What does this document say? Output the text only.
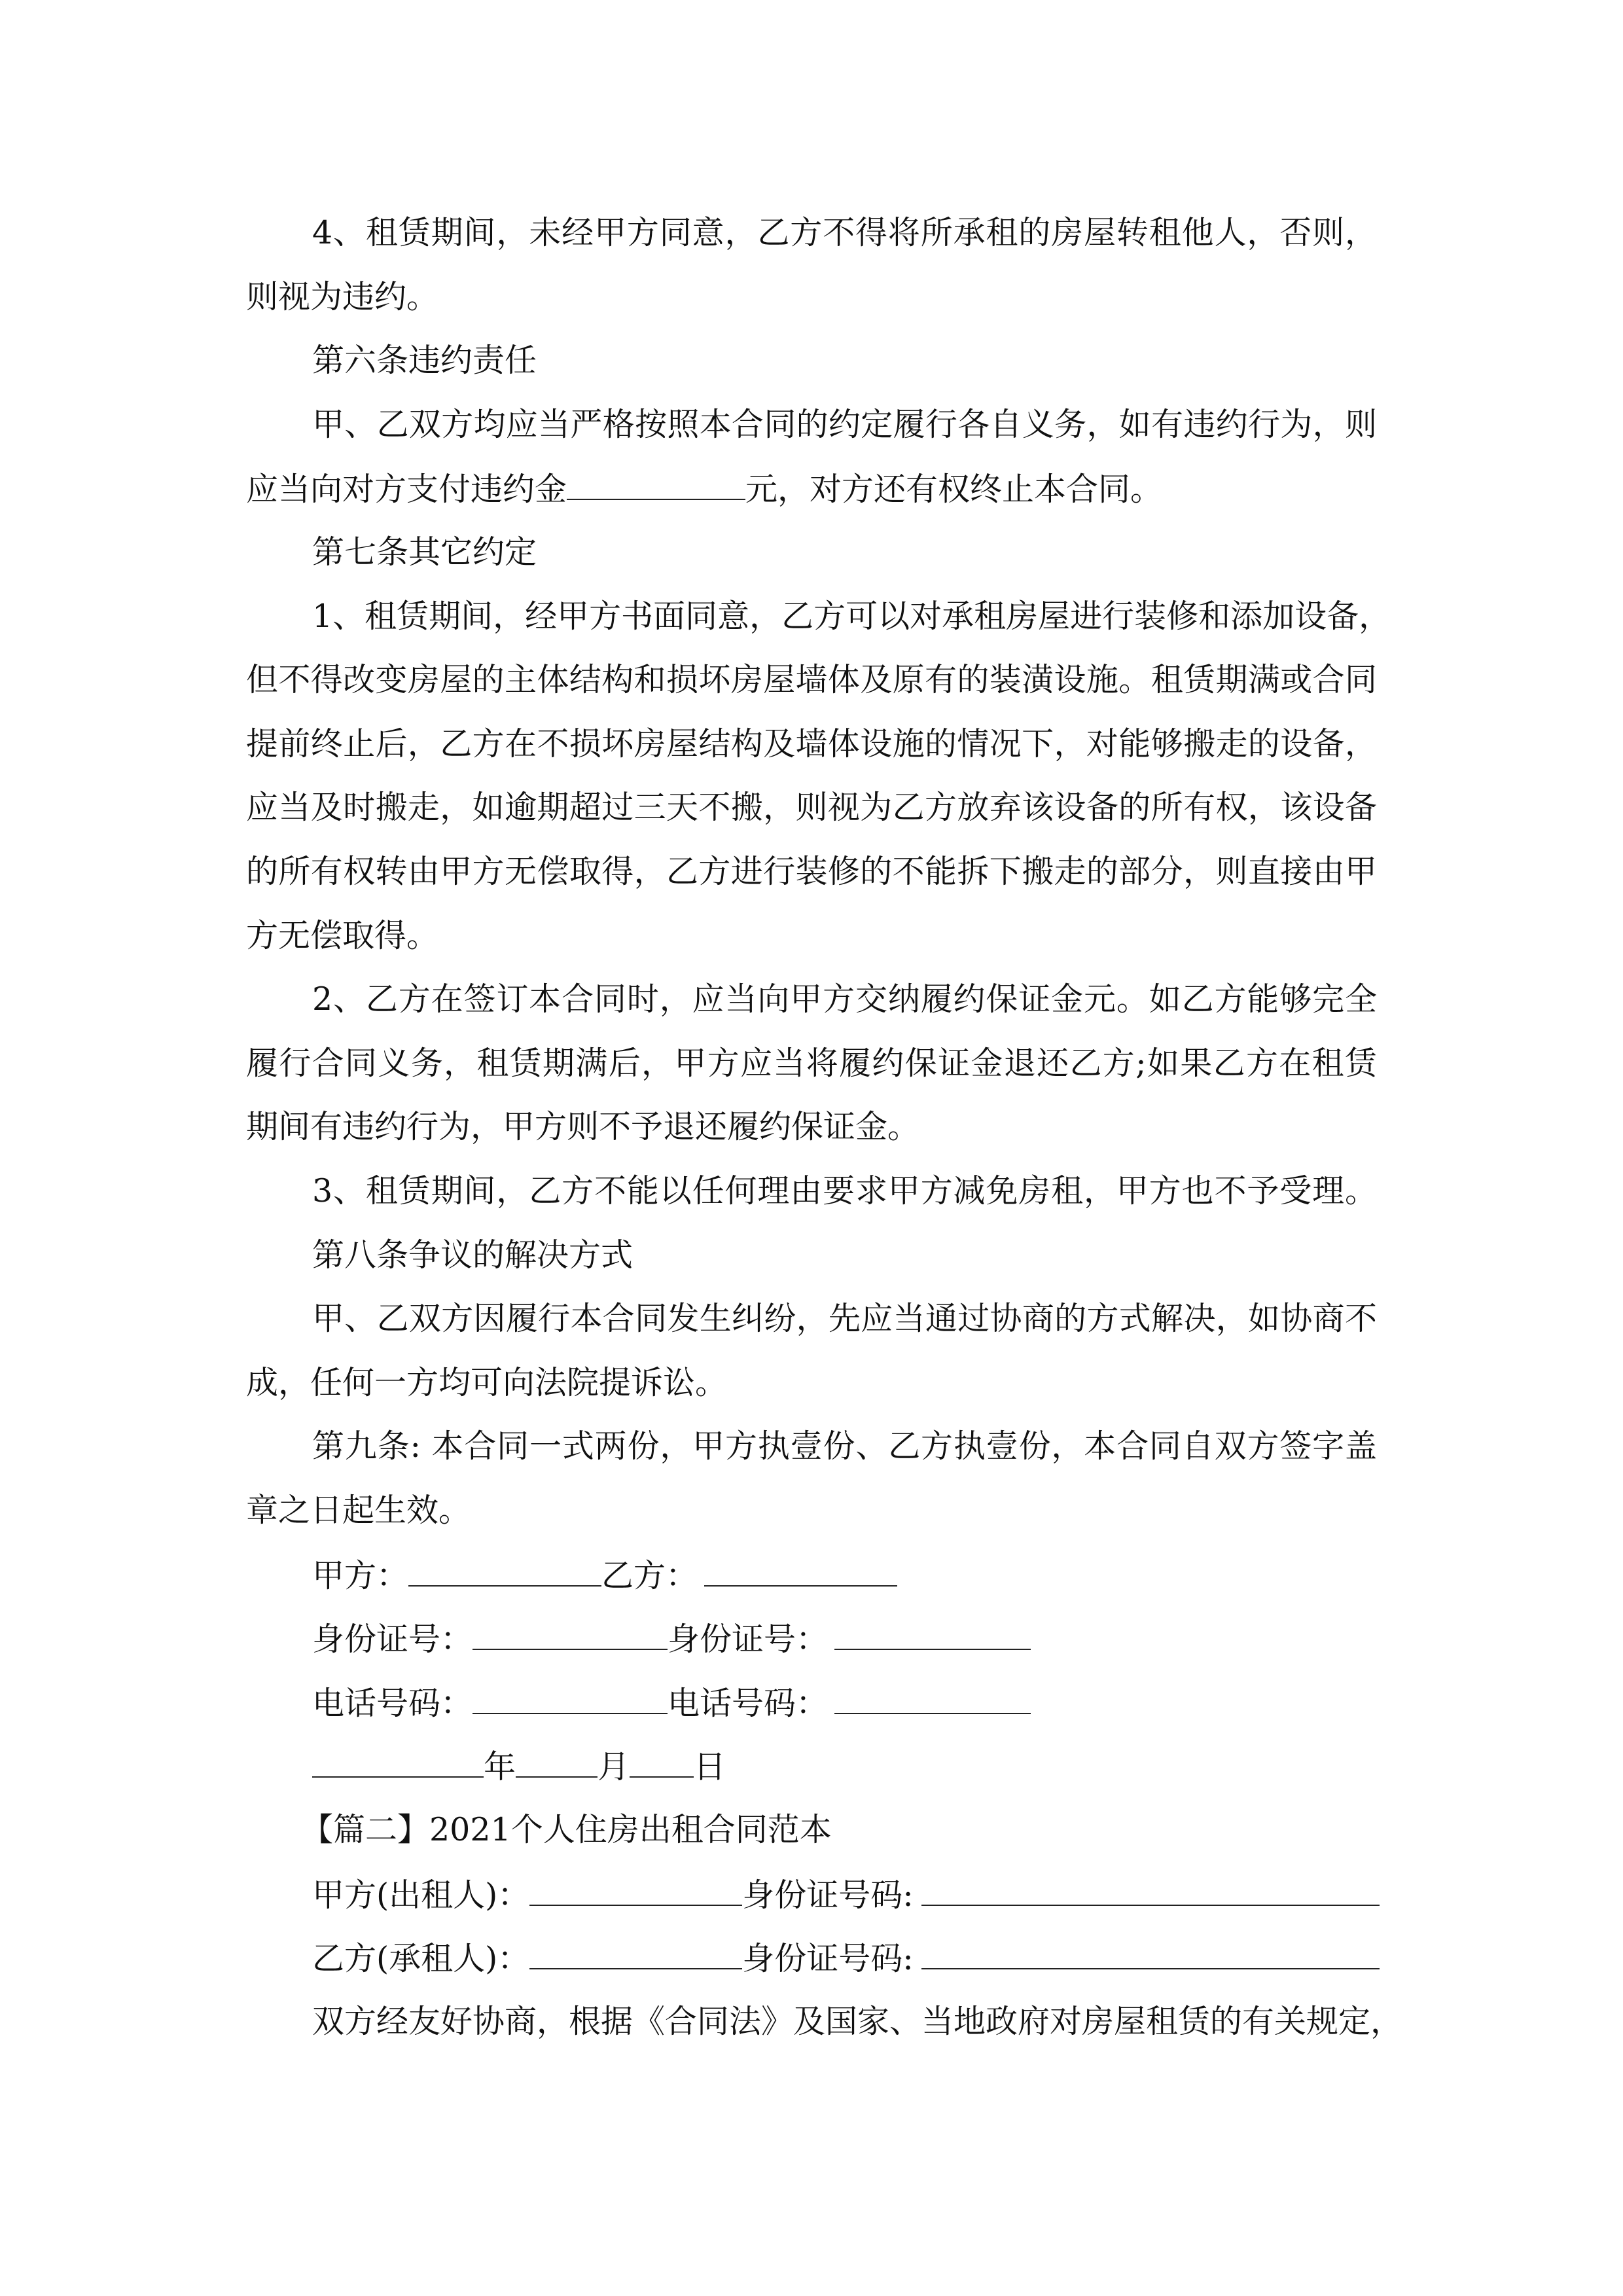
4、租赁期间，未经甲方同意，乙方不得将所承租的房屋转租他人，否则，
则视为违约。
第六条违约责任
甲、乙双方均应当严格按照本合同的约定履行各自义务，如有违约行为，则
应当向对方支付违约金	元，对方还有权终止本合同。
第七条其它约定
1、租赁期间，经甲方书面同意，乙方可以对承租房屋进行装修和添加设备，
但不得改变房屋的主体结构和损坏房屋墙体及原有的装潢设施。租赁期满或合同
提前终止后，乙方在不损坏房屋结构及墙体设施的情况下，对能够搬走的设备，
应当及时搬走，如逾期超过三天不搬，则视为乙方放弃该设备的所有权，该设备
的所有权转由甲方无偿取得，乙方进行装修的不能拆下搬走的部分，则直接由甲
方无偿取得。
2、乙方在签订本合同时，应当向甲方交纳履约保证金元。如乙方能够完全
履行合同义务，租赁期满后，甲方应当将履约保证金退还乙方;如果乙方在租赁
期间有违约行为，甲方则不予退还履约保证金。
3、租赁期间，乙方不能以任何理由要求甲方减免房租，甲方也不予受理。
第八条争议的解决方式
甲、乙双方因履行本合同发生纠纷，先应当通过协商的方式解决，如协商不
成，任何一方均可向法院提诉讼。
第九条: 本合同一式两份，甲方执壹份、乙方执壹份，本合同自双方签字盖
章之日起生效。
甲方：	乙方：
身份证号：	身份证号：
电话号码：	电话号码：
年	月 日
【篇二】2021个人住房出租合同范本
甲方(出租人)：	身份证号码:
乙方(承租人)：	身份证号码:
双方经友好协商，根据《合同法》及国家、当地政府对房屋租赁的有关规定，
